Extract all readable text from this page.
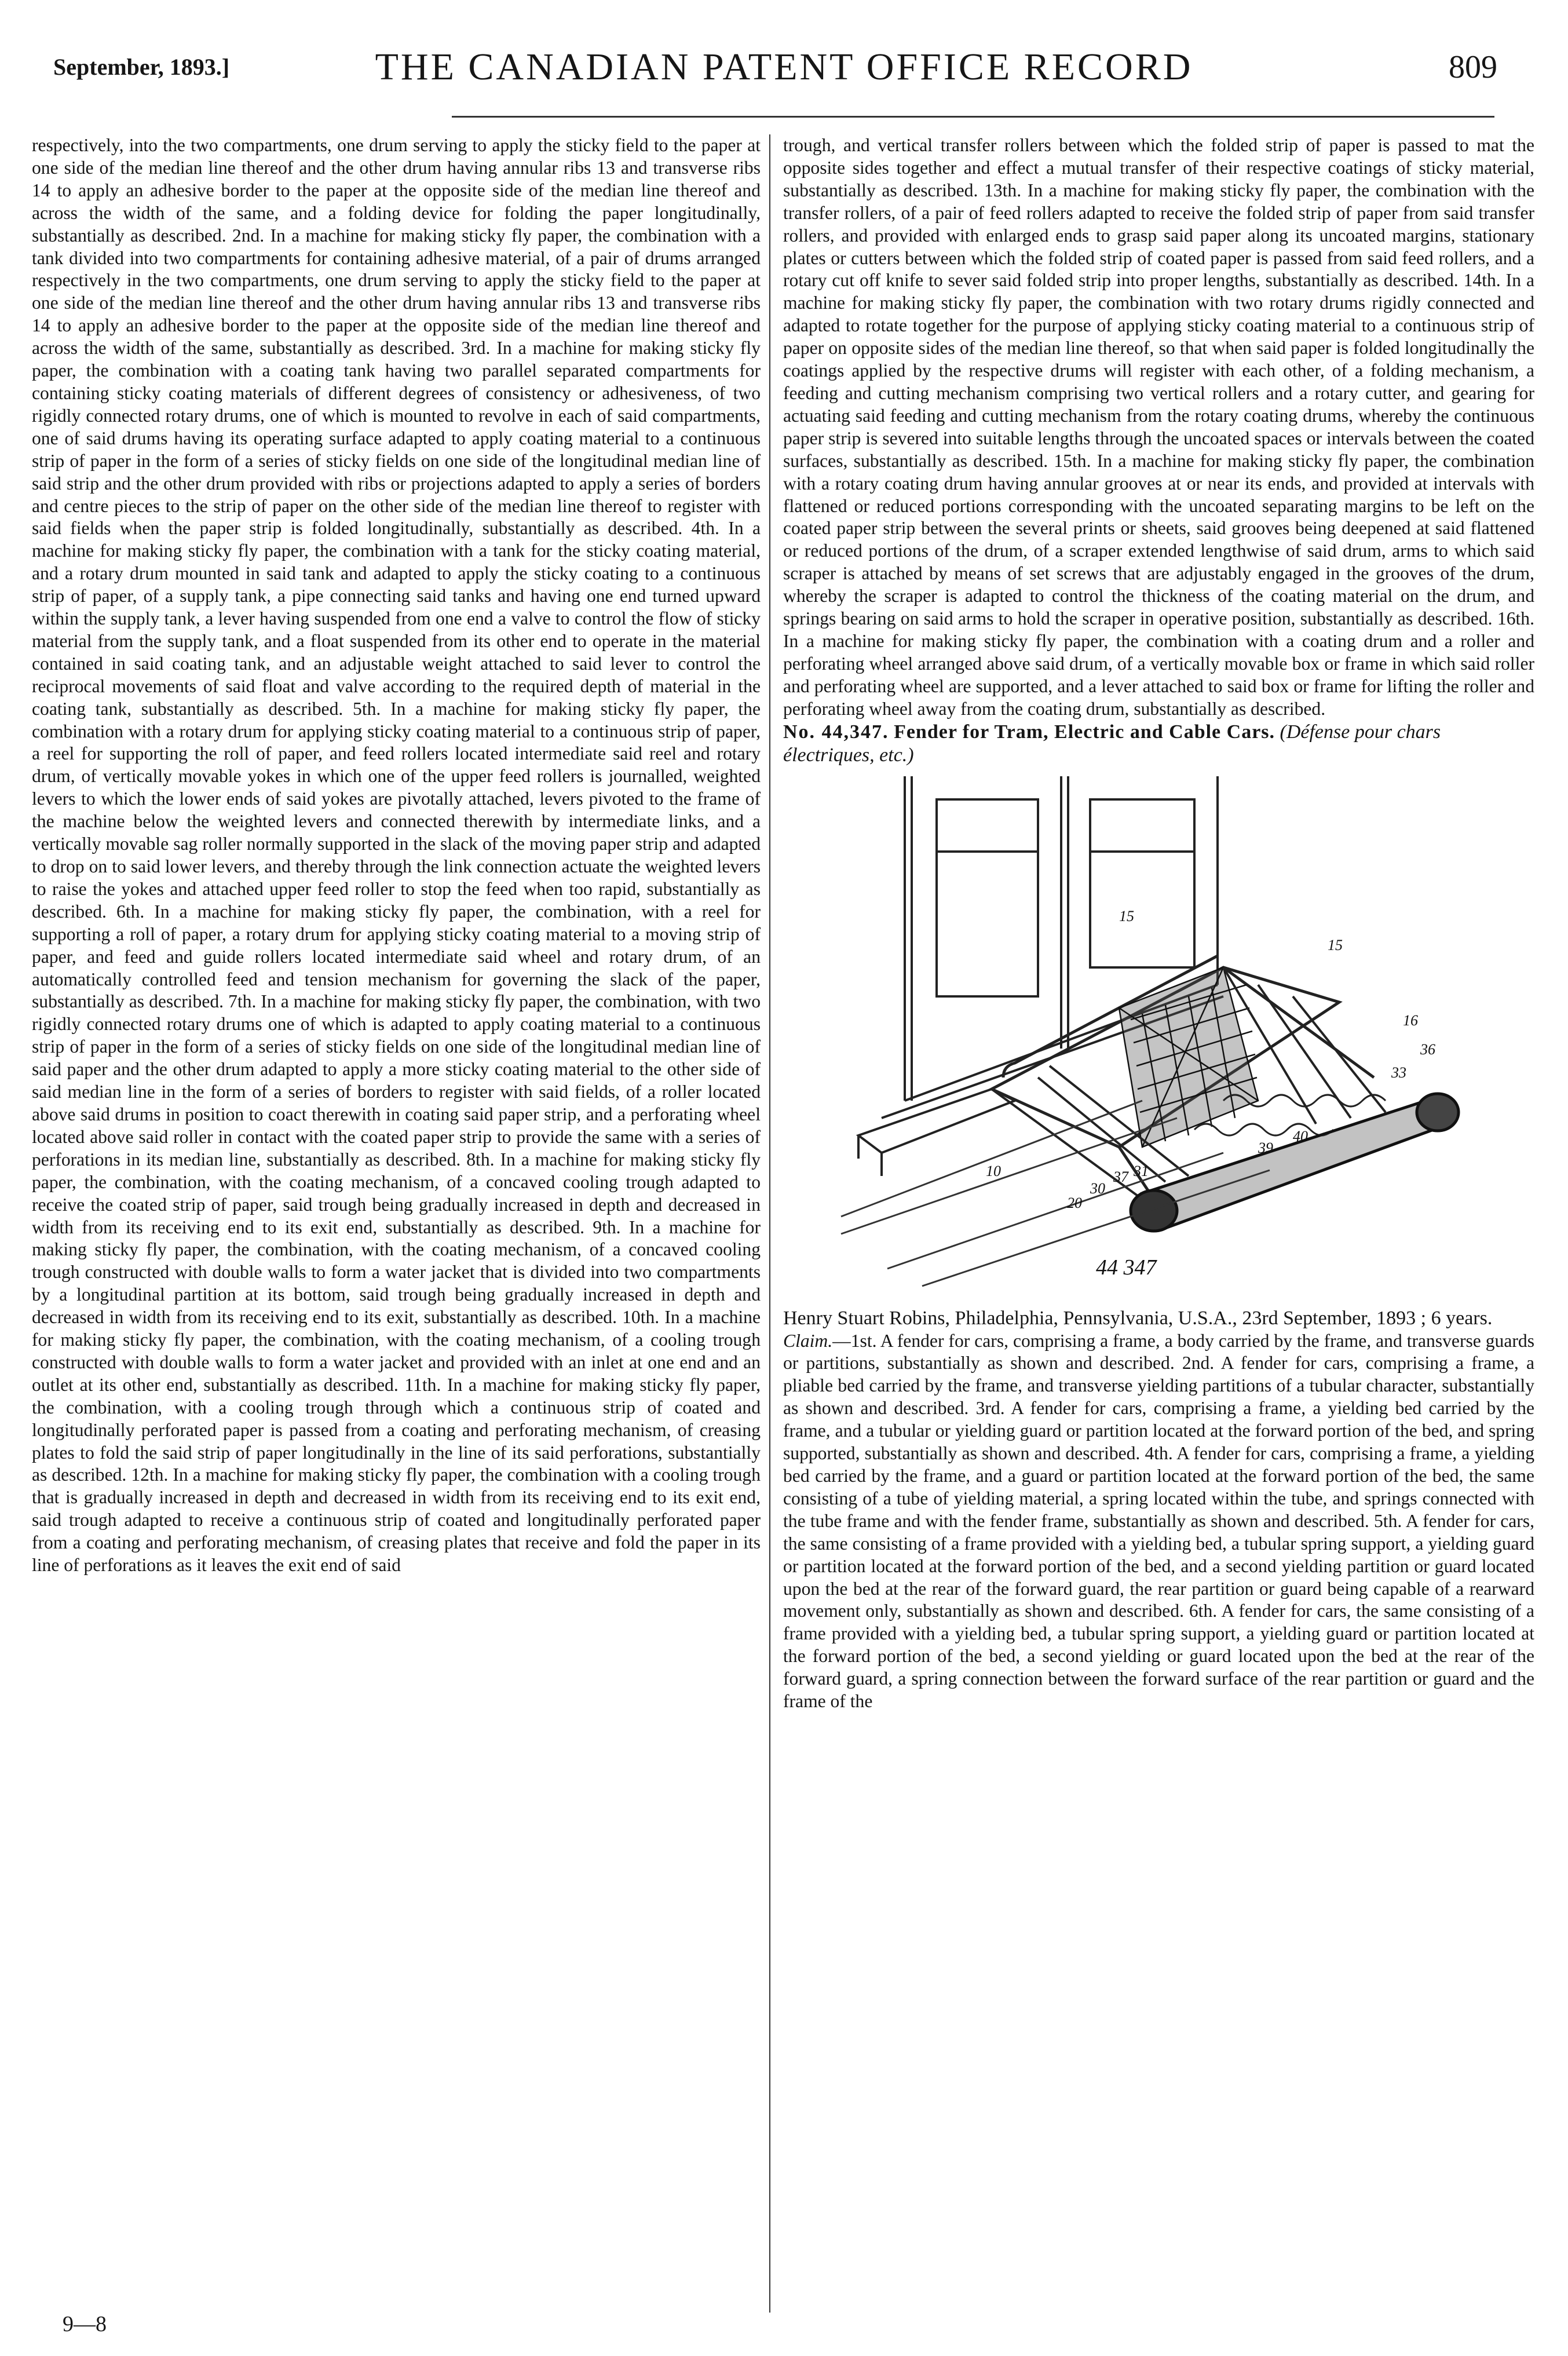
September, 1893.]	THE CANADIAN PATENT OFFICE RECORD	809

respectively, into the two compartments, one drum serving to apply the sticky field to the paper at one side of the median line thereof and the other drum having annular ribs 13 and transverse ribs 14 to apply an adhesive border to the paper at the opposite side of the median line thereof and across the width of the same, and a folding device for folding the paper longitudinally, substantially as described. 2nd. In a machine for making sticky fly paper, the combination with a tank divided into two compartments for containing adhesive material, of a pair of drums arranged respectively in the two compartments, one drum serving to apply the sticky field to the paper at one side of the median line thereof and the other drum having annular ribs 13 and transverse ribs 14 to apply an adhesive border to the paper at the opposite side of the median line thereof and across the width of the same, substantially as described. 3rd. In a machine for making sticky fly paper, the combination with a coating tank having two parallel separated compartments for containing sticky coating materials of different degrees of consistency or adhesiveness, of two rigidly connected rotary drums, one of which is mounted to revolve in each of said compartments, one of said drums having its operating surface adapted to apply coating material to a continuous strip of paper in the form of a series of sticky fields on one side of the longitudinal median line of said strip and the other drum provided with ribs or projections adapted to apply a series of borders and centre pieces to the strip of paper on the other side of the median line thereof to register with said fields when the paper strip is folded longitudinally, substantially as described. 4th. In a machine for making sticky fly paper, the combination with a tank for the sticky coating material, and a rotary drum mounted in said tank and adapted to apply the sticky coating to a continuous strip of paper, of a supply tank, a pipe connecting said tanks and having one end turned upward within the supply tank, a lever having suspended from one end a valve to control the flow of sticky material from the supply tank, and a float suspended from its other end to operate in the material contained in said coating tank, and an adjustable weight attached to said lever to control the reciprocal movements of said float and valve according to the required depth of material in the coating tank, substantially as described. 5th. In a machine for making sticky fly paper, the combination with a rotary drum for applying sticky coating material to a continuous strip of paper, a reel for supporting the roll of paper, and feed rollers located intermediate said reel and rotary drum, of vertically movable yokes in which one of the upper feed rollers is journalled, weighted levers to which the lower ends of said yokes are pivotally attached, levers pivoted to the frame of the machine below the weighted levers and connected therewith by intermediate links, and a vertically movable sag roller normally supported in the slack of the moving paper strip and adapted to drop on to said lower levers, and thereby through the link connection actuate the weighted levers to raise the yokes and attached upper feed roller to stop the feed when too rapid, substantially as described. 6th. In a machine for making sticky fly paper, the combination, with a reel for supporting a roll of paper, a rotary drum for applying sticky coating material to a moving strip of paper, and feed and guide rollers located intermediate said wheel and rotary drum, of an automatically controlled feed and tension mechanism for governing the slack of the paper, substantially as described. 7th. In a machine for making sticky fly paper, the combination, with two rigidly connected rotary drums one of which is adapted to apply coating material to a continuous strip of paper in the form of a series of sticky fields on one side of the longitudinal median line of said paper and the other drum adapted to apply a more sticky coating material to the other side of said median line in the form of a series of borders to register with said fields, of a roller located above said drums in position to coact therewith in coating said paper strip, and a perforating wheel located above said roller in contact with the coated paper strip to provide the same with a series of perforations in its median line, substantially as described. 8th. In a machine for making sticky fly paper, the combination, with the coating mechanism, of a concaved cooling trough adapted to receive the coated strip of paper, said trough being gradually increased in depth and decreased in width from its receiving end to its exit end, substantially as described. 9th. In a machine for making sticky fly paper, the combination, with the coating mechanism, of a concaved cooling trough constructed with double walls to form a water jacket that is divided into two compartments by a longitudinal partition at its bottom, said trough being gradually increased in depth and decreased in width from its receiving end to its exit, substantially as described. 10th. In a machine for making sticky fly paper, the combination, with the coating mechanism, of a cooling trough constructed with double walls to form a water jacket and provided with an inlet at one end and an outlet at its other end, substantially as described. 11th. In a machine for making sticky fly paper, the combination, with a cooling trough through which a continuous strip of coated and longitudinally perforated paper is passed from a coating and perforating mechanism, of creasing plates to fold the said strip of paper longitudinally in the line of its said perforations, substantially as described. 12th. In a machine for making sticky fly paper, the combination with a cooling trough that is gradually increased in depth and decreased in width from its receiving end to its exit end, said trough adapted to receive a continuous strip of coated and longitudinally perforated paper from a coating and perforating mechanism, of creasing plates that receive and fold the paper in its line of perforations as it leaves the exit end of said

trough, and vertical transfer rollers between which the folded strip of paper is passed to mat the opposite sides together and effect a mutual transfer of their respective coatings of sticky material, substantially as described. 13th. In a machine for making sticky fly paper, the combination with the transfer rollers, of a pair of feed rollers adapted to receive the folded strip of paper from said transfer rollers, and provided with enlarged ends to grasp said paper along its uncoated margins, stationary plates or cutters between which the folded strip of coated paper is passed from said feed rollers, and a rotary cut off knife to sever said folded strip into proper lengths, substantially as described. 14th. In a machine for making sticky fly paper, the combination with two rotary drums rigidly connected and adapted to rotate together for the purpose of applying sticky coating material to a continuous strip of paper on opposite sides of the median line thereof, so that when said paper is folded longitudinally the coatings applied by the respective drums will register with each other, of a folding mechanism, a feeding and cutting mechanism comprising two vertical rollers and a rotary cutter, and gearing for actuating said feeding and cutting mechanism from the rotary coating drums, whereby the continuous paper strip is severed into suitable lengths through the uncoated spaces or intervals between the coated surfaces, substantially as described. 15th. In a machine for making sticky fly paper, the combination with a rotary coating drum having annular grooves at or near its ends, and provided at intervals with flattened or reduced portions corresponding with the uncoated separating margins to be left on the coated paper strip between the several prints or sheets, said grooves being deepened at said flattened or reduced portions of the drum, of a scraper extended lengthwise of said drum, arms to which said scraper is attached by means of set screws that are adjustably engaged in the grooves of the drum, whereby the scraper is adapted to control the thickness of the coating material on the drum, and springs bearing on said arms to hold the scraper in operative position, substantially as described. 16th. In a machine for making sticky fly paper, the combination with a coating drum and a roller and perforating wheel arranged above said drum, of a vertically movable box or frame in which said roller and perforating wheel are supported, and a lever attached to said box or frame for lifting the roller and perforating wheel away from the coating drum, substantially as described.

No. 44,347. Fender for Tram, Electric and Cable Cars. (Défense pour chars électriques, etc.)

15
15
16
10
20
30
37 31
36
33
39
40
44 347

Henry Stuart Robins, Philadelphia, Pennsylvania, U.S.A., 23rd September, 1893 ; 6 years.

Claim.—1st. A fender for cars, comprising a frame, a body carried by the frame, and transverse guards or partitions, substantially as shown and described. 2nd. A fender for cars, comprising a frame, a pliable bed carried by the frame, and transverse yielding partitions of a tubular character, substantially as shown and described. 3rd. A fender for cars, comprising a frame, a yielding bed carried by the frame, and a tubular or yielding guard or partition located at the forward portion of the bed, and spring supported, substantially as shown and described. 4th. A fender for cars, comprising a frame, a yielding bed carried by the frame, and a guard or partition located at the forward portion of the bed, the same consisting of a tube of yielding material, a spring located within the tube, and springs connected with the tube frame and with the fender frame, substantially as shown and described. 5th. A fender for cars, the same consisting of a frame provided with a yielding bed, a tubular spring support, a yielding guard or partition located at the forward portion of the bed, and a second yielding partition or guard located upon the bed at the rear of the forward guard, the rear partition or guard being capable of a rearward movement only, substantially as shown and described. 6th. A fender for cars, the same consisting of a frame provided with a yielding bed, a tubular spring support, a yielding guard or partition located at the forward portion of the bed, a second yielding or guard located upon the bed at the rear of the forward guard, a spring connection between the forward surface of the rear partition or guard and the frame of the

9—8
